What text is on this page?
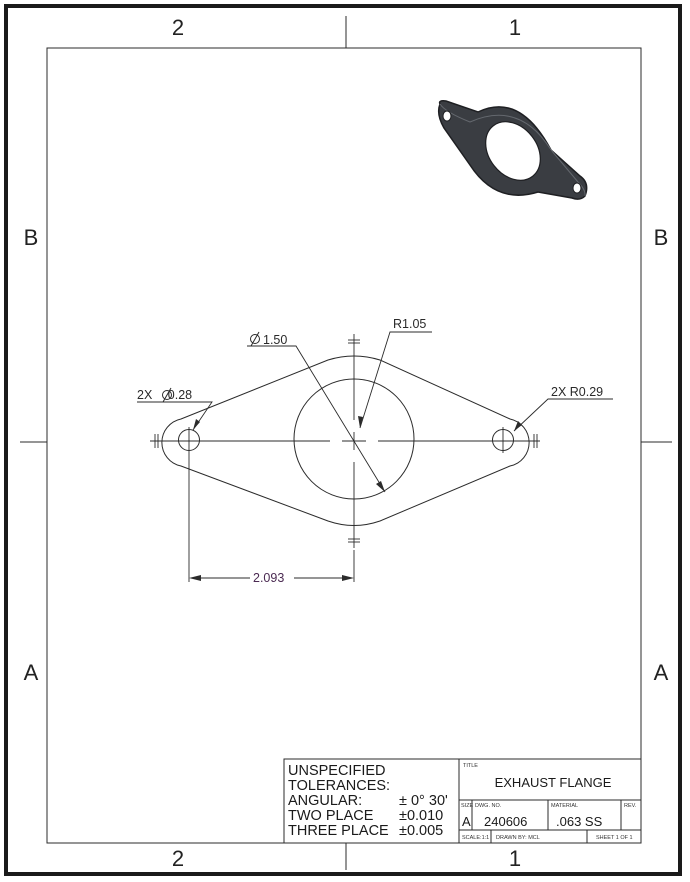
2	1
2	1
B	B
A	A
1.50
R1.05
2X 0.28	2X R0.29
2.093
UNSPECIFIED
TOLERANCES:
ANGULAR:	± 0° 30'
TWO PLACE ±0.010
THREE PLACE ±0.005
TITLE
EXHAUST FLANGE
SIZE
A
DWG. NO.
240606
MATERIAL
.063 SS
REV.
SCALE:1:1 DRAWN BY: MCL	SHEET 1 OF 1
